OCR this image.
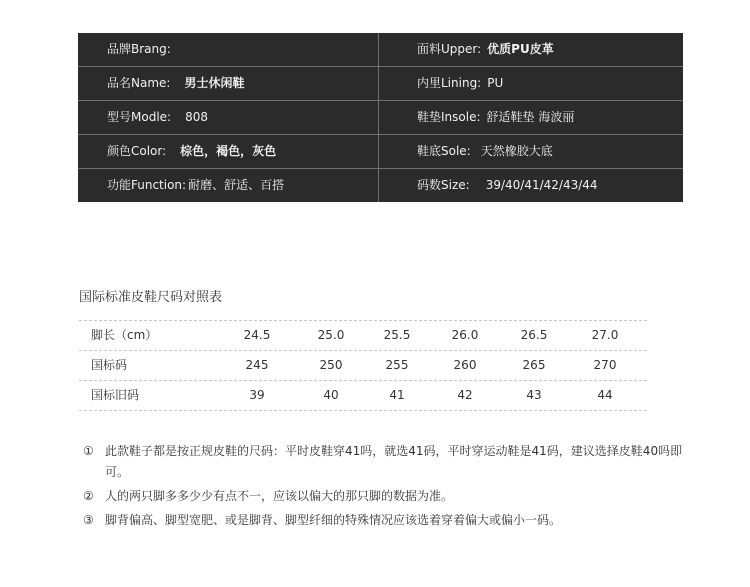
品牌Brang:	面料Upper: 优质PU皮革
品名Name: 男士休闲鞋	内里Lining: PU
型号Modle: 808	鞋垫Insole: 舒适鞋垫 海波丽
颜色Color: 棕色，褐色，灰色	鞋底Sole: 天然橡胶大底
功能Function: 耐磨、舒适、百搭	码数Size: 39/40/41/42/43/44
国际标准皮鞋尺码对照表
脚长（cm）	24.5	25.0	25.5	26.0	26.5	27.0
国标码	245	250	255	260	265	270
国标旧码	39	40	41	42	43	44
① 此款鞋子都是按正规皮鞋的尺码：平时皮鞋穿41吗，就选41码，平时穿运动鞋是41码，建议选择皮鞋40吗即可。
② 人的两只脚多多少少有点不一，应该以偏大的那只脚的数据为准。
③ 脚背偏高、脚型宽肥、或是脚背、脚型纤细的特殊情况应该选着穿着偏大或偏小一码。
